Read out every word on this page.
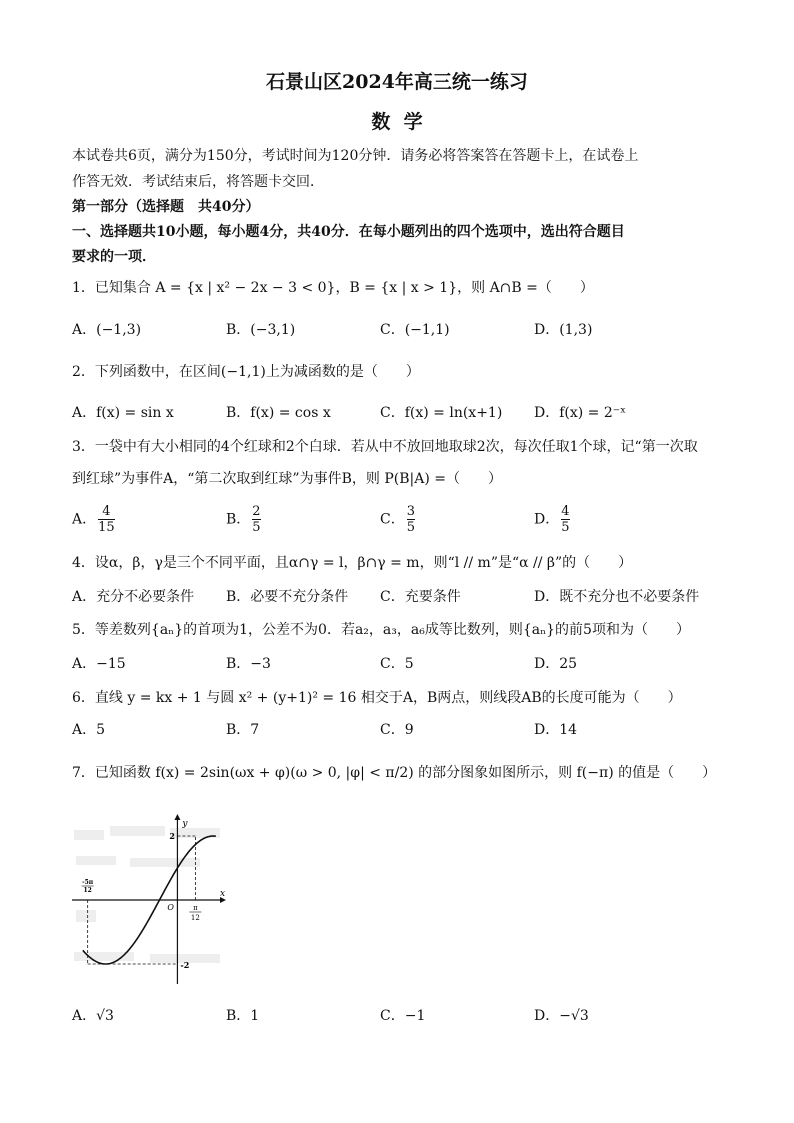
石景山区2024年高三统一练习
数  学
本试卷共6页，满分为150分，考试时间为120分钟．请务必将答案答在答题卡上，在试卷上
作答无效．考试结束后，将答题卡交回．
第一部分（选择题　共40分）
一、选择题共10小题，每小题4分，共40分．在每小题列出的四个选项中，选出符合题目
要求的一项．
1．已知集合 A = {x | x² − 2x − 3 < 0}，B = {x | x > 1}，则 A∩B =（　　）
A．(−1,3)	B．(−3,1)	C．(−1,1)	D．(1,3)
2．下列函数中，在区间(−1,1)上为减函数的是（　　）
A．f(x) = sin x	B．f(x) = cos x	C．f(x) = ln(x+1) D．f(x) = 2⁻ˣ
3．一袋中有大小相同的4个红球和2个白球．若从中不放回地取球2次，每次任取1个球，记“第一次取
到红球”为事件A，“第二次取到红球”为事件B，则 P(B|A) =（　　）
A． $\frac{4}{15}$	B． $\frac{2}{5}$	C． $\frac{3}{5}$	D． $\frac{4}{5}$
4．设α，β，γ是三个不同平面，且α∩γ = l，β∩γ = m，则“l // m”是“α // β”的（　　）
A．充分不必要条件 B．必要不充分条件 C．充要条件	D．既不充分也不必要条件
5．等差数列{aₙ}的首项为1，公差不为0．若a₂，a₃，a₆成等比数列，则{aₙ}的前5项和为（　　）
A．−15	B．−3	C．5	D．25
6．直线 y = kx + 1 与圆 x² + (y+1)² = 16 相交于A，B两点，则线段AB的长度可能为（　　）
A．5	B．7	C．9	D．14
7．已知函数 f(x) = 2sin(ωx + φ)(ω > 0, |φ| < π/2) 的部分图象如图所示，则 f(−π) 的值是（　　）
y
x
O
2
-2
-5π
12
π
12
A．√3	B．1	C．−1	D．−√3
